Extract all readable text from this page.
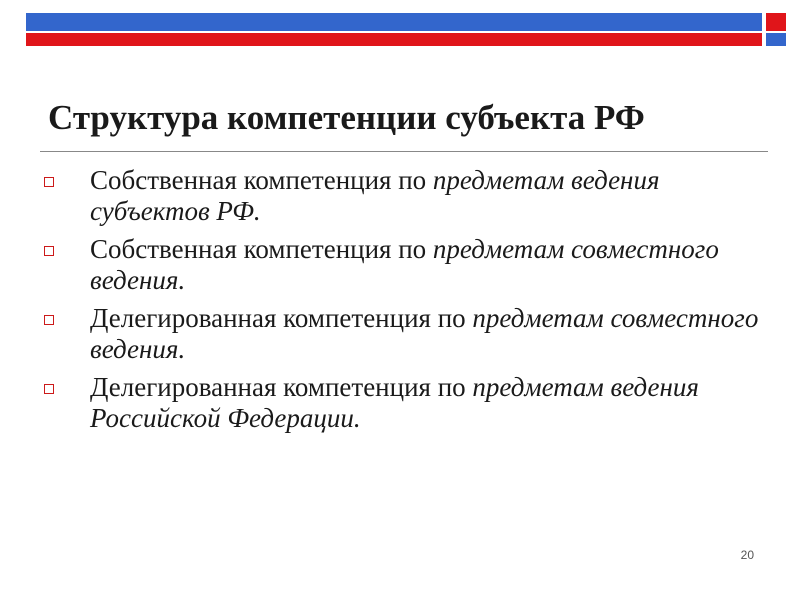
Структура компетенции субъекта РФ
Собственная компетенция по предметам ведения субъектов РФ.
Собственная компетенция по предметам совместного ведения.
Делегированная компетенция по предметам совместного ведения.
Делегированная компетенция по предметам ведения Российской Федерации.
20
